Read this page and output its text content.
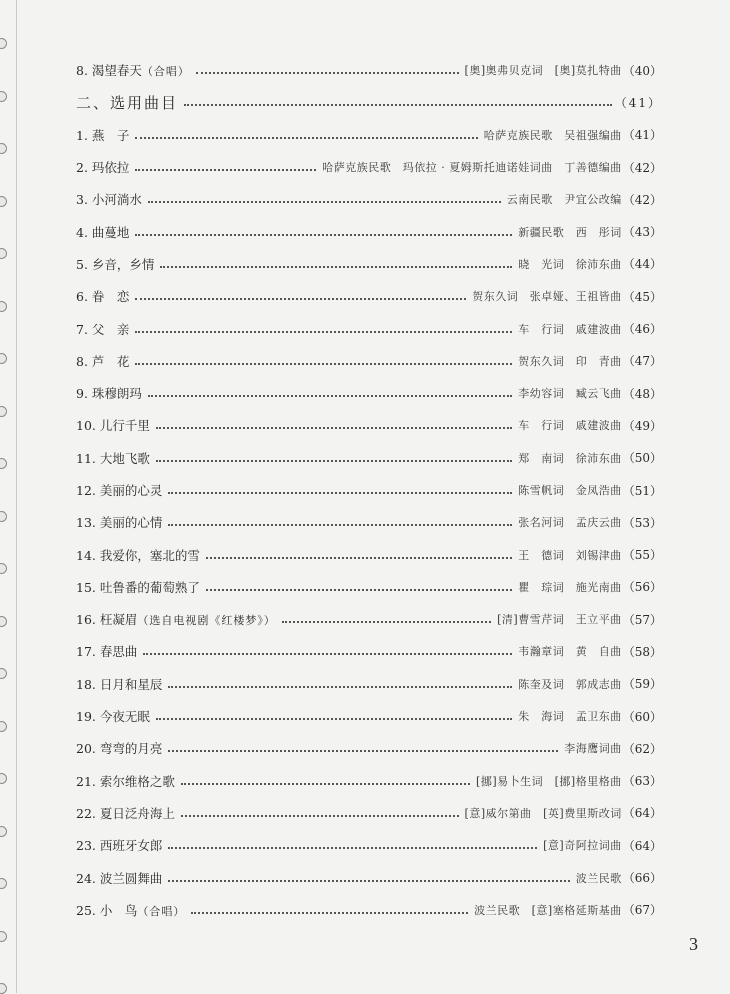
8. 渴望春天（合唱）	[奥]奥弗贝克词　[奥]莫扎特曲 （40）
二、选用曲目	（41）
1. 燕　子	哈萨克族民歌　吴祖强编曲 （41）
2. 玛依拉	哈萨克族民歌　玛依拉 · 夏姆斯托迪诺娃词曲　丁善德编曲 （42）
3. 小河淌水	云南民歌　尹宜公改编 （42）
4. 曲蔓地	新疆民歌　西　彤词 （43）
5. 乡音，乡情	晓　光词　徐沛东曲 （44）
6. 眷　恋	贺东久词　张卓娅、王祖皆曲 （45）
7. 父　亲	车　行词　戚建波曲 （46）
8. 芦　花	贺东久词　印　青曲 （47）
9. 珠穆朗玛	李幼容词　臧云飞曲 （48）
10. 儿行千里	车　行词　戚建波曲 （49）
11. 大地飞歌	郑　南词　徐沛东曲 （50）
12. 美丽的心灵	陈雪帆词　金凤浩曲 （51）
13. 美丽的心情	张名河词　孟庆云曲 （53）
14. 我爱你，塞北的雪	王　德词　刘锡津曲 （55）
15. 吐鲁番的葡萄熟了	瞿　琮词　施光南曲 （56）
16. 枉凝眉（选自电视剧《红楼梦》）	[清]曹雪芹词　王立平曲 （57）
17. 春思曲	韦瀚章词　黄　自曲 （58）
18. 日月和星辰	陈奎及词　郭成志曲 （59）
19. 今夜无眠	朱　海词　孟卫东曲 （60）
20. 弯弯的月亮	李海鹰词曲 （62）
21. 索尔维格之歌	[挪]易卜生词　[挪]格里格曲 （63）
22. 夏日泛舟海上	[意]威尔第曲　[英]费里斯改词 （64）
23. 西班牙女郎	[意]奇阿拉词曲 （64）
24. 波兰圆舞曲	波兰民歌 （66）
25. 小　鸟（合唱）	波兰民歌　[意]塞格延斯基曲 （67）
3
